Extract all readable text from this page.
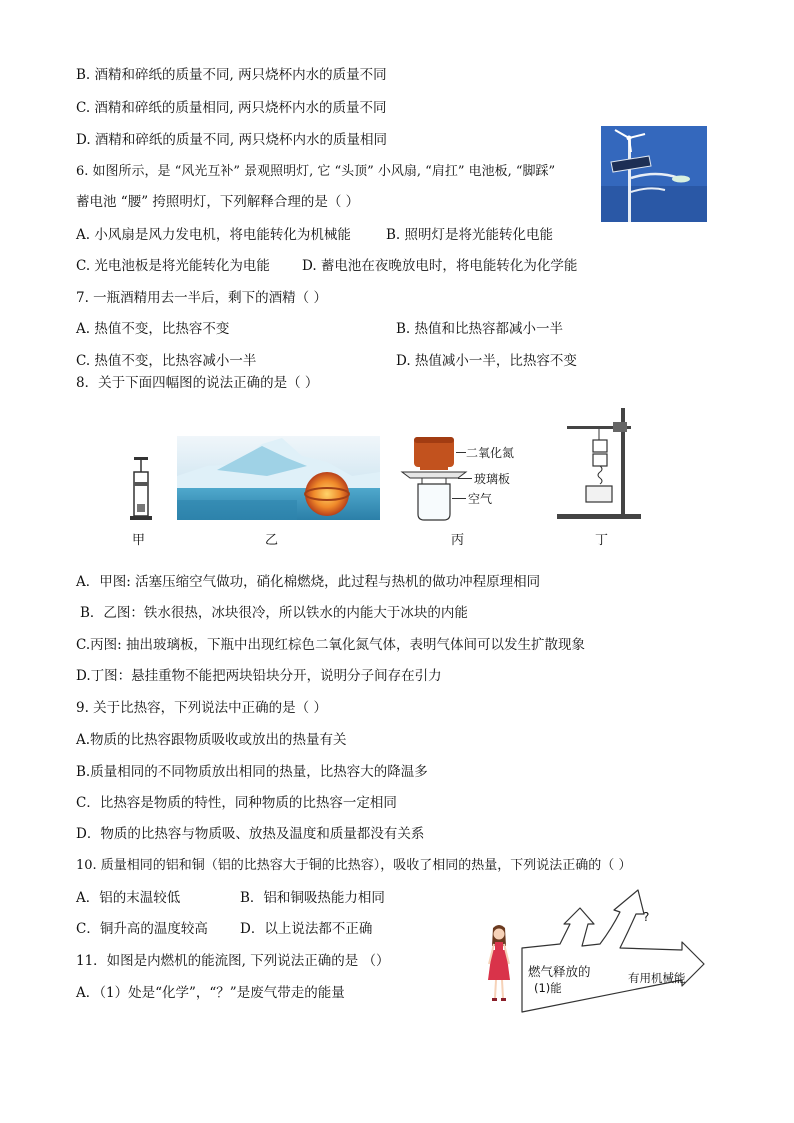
B. 酒精和碎纸的质量不同, 两只烧杯内水的质量不同
C. 酒精和碎纸的质量相同, 两只烧杯内水的质量不同
D. 酒精和碎纸的质量不同, 两只烧杯内水的质量相同
6. 如图所示，是 “风光互补” 景观照明灯, 它 “头顶” 小风扇, “肩扛” 电池板, “脚踩”
蓄电池 “腰” 挎照明灯，下列解释合理的是（ ）
A. 小风扇是风力发电机，将电能转化为机械能	B. 照明灯是将光能转化电能
C. 光电池板是将光能转化为电能 D. 蓄电池在夜晚放电时，将电能转化为化学能
7. 一瓶酒精用去一半后，剩下的酒精（ ）
A. 热值不变，比热容不变	B. 热值和比热容都减小一半
C. 热值不变，比热容减小一半	D. 热值减小一半，比热容不变
8．关于下面四幅图的说法正确的是（ ）
二氧化氮
玻璃板
空气
甲	乙	丙	丁
A．甲图: 活塞压缩空气做功，硝化棉燃烧，此过程与热机的做功冲程原理相同
B．乙图：铁水很热，冰块很冷，所以铁水的内能大于冰块的内能
C.丙图: 抽出玻璃板，下瓶中出现红棕色二氧化氮气体，表明气体间可以发生扩散现象
D.丁图：悬挂重物不能把两块铅块分开，说明分子间存在引力
9. 关于比热容，下列说法中正确的是（ ）
A.物质的比热容跟物质吸收或放出的热量有关
B.质量相同的不同物质放出相同的热量，比热容大的降温多
C．比热容是物质的特性，同种物质的比热容一定相同
D．物质的比热容与物质吸、放热及温度和质量都没有关系
10. 质量相同的铝和铜（铝的比热容大于铜的比热容），吸收了相同的热量，下列说法正确的（ ）
A．铝的末温较低	B．铝和铜吸热能力相同
C．铜升高的温度较高 D．以上说法都不正确
11．如图是内燃机的能流图, 下列说法正确的是 （）
A．（1）处是“化学”，“？”是废气带走的能量
?
燃气释放的
(1)能
有用机械能
